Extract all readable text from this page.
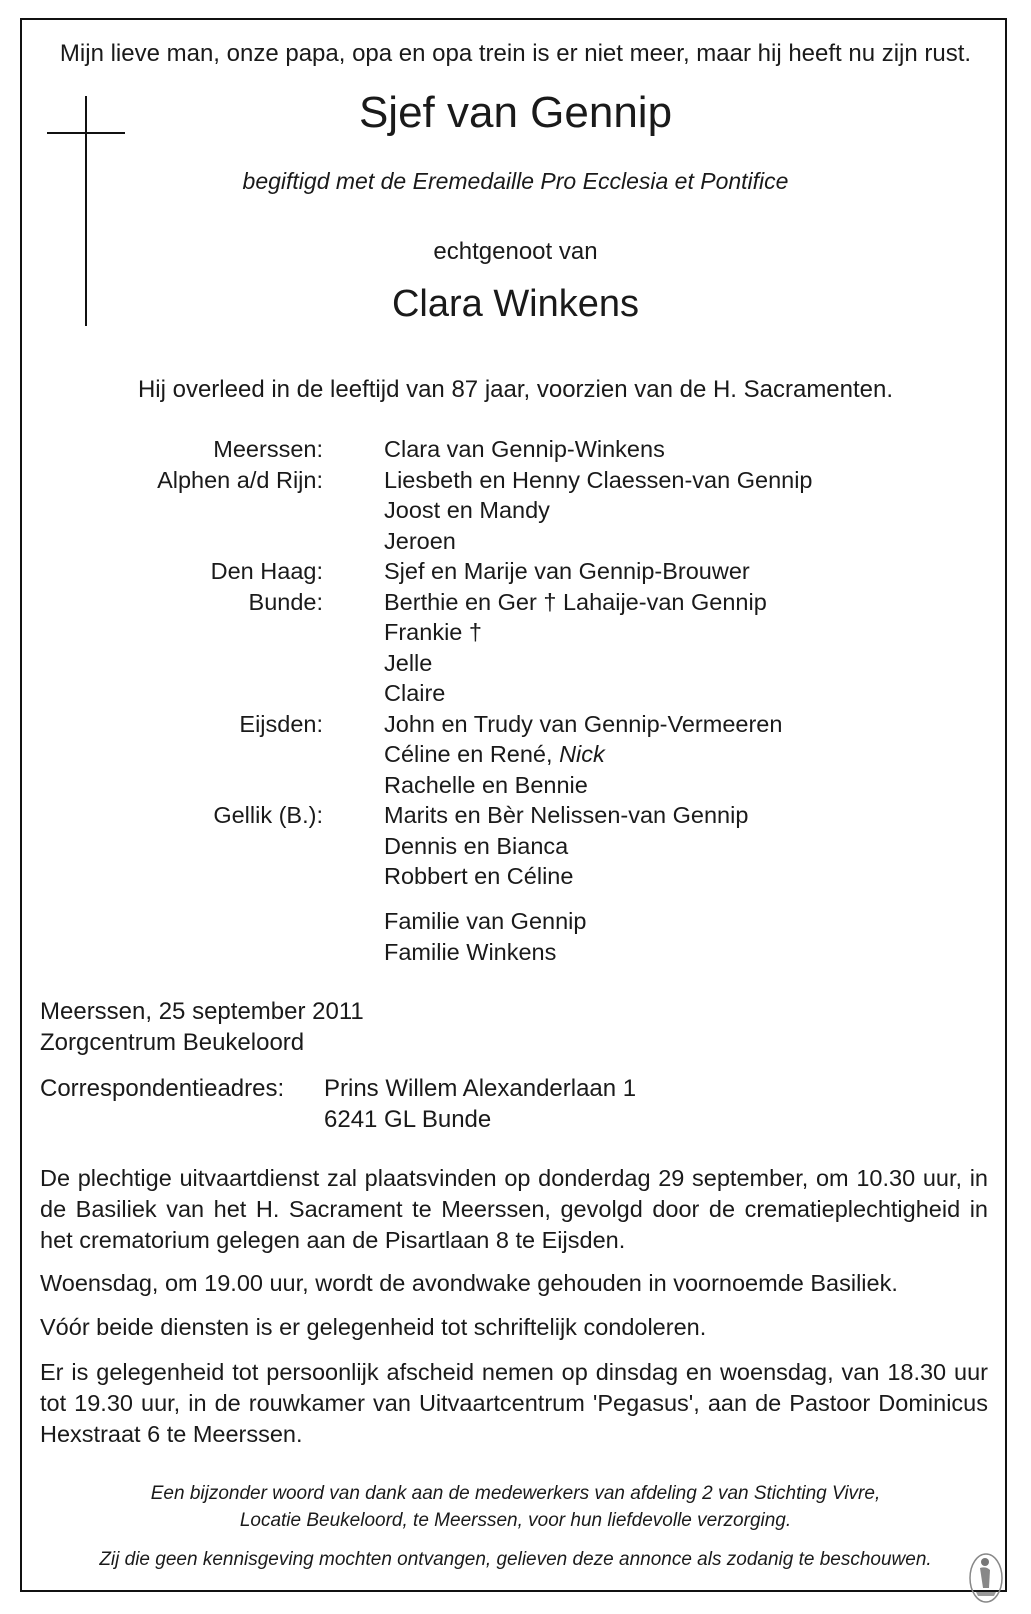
Mijn lieve man, onze papa, opa en opa trein is er niet meer, maar hij heeft nu zijn rust.
Sjef van Gennip
begiftigd met de Eremedaille Pro Ecclesia et Pontifice
echtgenoot van
Clara Winkens
Hij overleed in de leeftijd van 87 jaar, voorzien van de H. Sacramenten.
Meerssen:	Clara van Gennip-Winkens
Alphen a/d Rijn:	Liesbeth en Henny Claessen-van Gennip
Joost en Mandy
Jeroen
Den Haag:	Sjef en Marije van Gennip-Brouwer
Bunde:	Berthie en Ger † Lahaije-van Gennip
Frankie †
Jelle
Claire
Eijsden:	John en Trudy van Gennip-Vermeeren
Céline en René, Nick
Rachelle en Bennie
Gellik (B.):	Marits en Bèr Nelissen-van Gennip
Dennis en Bianca
Robbert en Céline
Familie van Gennip
Familie Winkens
Meerssen, 25 september 2011
Zorgcentrum Beukeloord
Correspondentieadres: Prins Willem Alexanderlaan 1
6241 GL Bunde
De plechtige uitvaartdienst zal plaatsvinden op donderdag 29 september, om 10.30 uur, in de Basiliek van het H. Sacrament te Meerssen, gevolgd door de crematieplechtigheid in het crematorium gelegen aan de Pisartlaan 8 te Eijsden.
Woensdag, om 19.00 uur, wordt de avondwake gehouden in voornoemde Basiliek.
Vóór beide diensten is er gelegenheid tot schriftelijk condoleren.
Er is gelegenheid tot persoonlijk afscheid nemen op dinsdag en woensdag, van 18.30 uur tot 19.30 uur, in de rouwkamer van Uitvaartcentrum 'Pegasus', aan de Pastoor Dominicus Hexstraat 6 te Meerssen.
Een bijzonder woord van dank aan de medewerkers van afdeling 2 van Stichting Vivre,
Locatie Beukeloord, te Meerssen, voor hun liefdevolle verzorging.
Zij die geen kennisgeving mochten ontvangen, gelieven deze annonce als zodanig te beschouwen.
